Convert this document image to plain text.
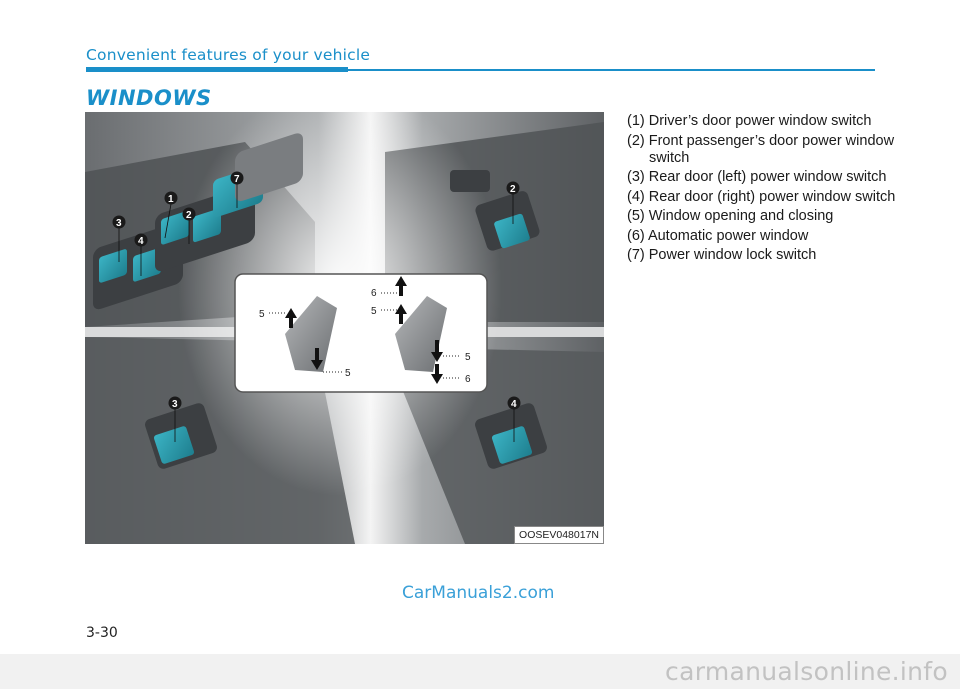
Convenient features of your vehicle
WINDOWS
5
5
6
5
5
6
1
2
3
4
7
2
3	4
OOSEV048017N
(1) Driver’s door power window switch
(2) Front passenger’s door power window switch
(3) Rear door (left) power window switch
(4) Rear door (right) power window switch
(5) Window opening and closing
(6) Automatic power window
(7) Power window lock switch
CarManuals2.com
3-30
carmanualsonline.info
